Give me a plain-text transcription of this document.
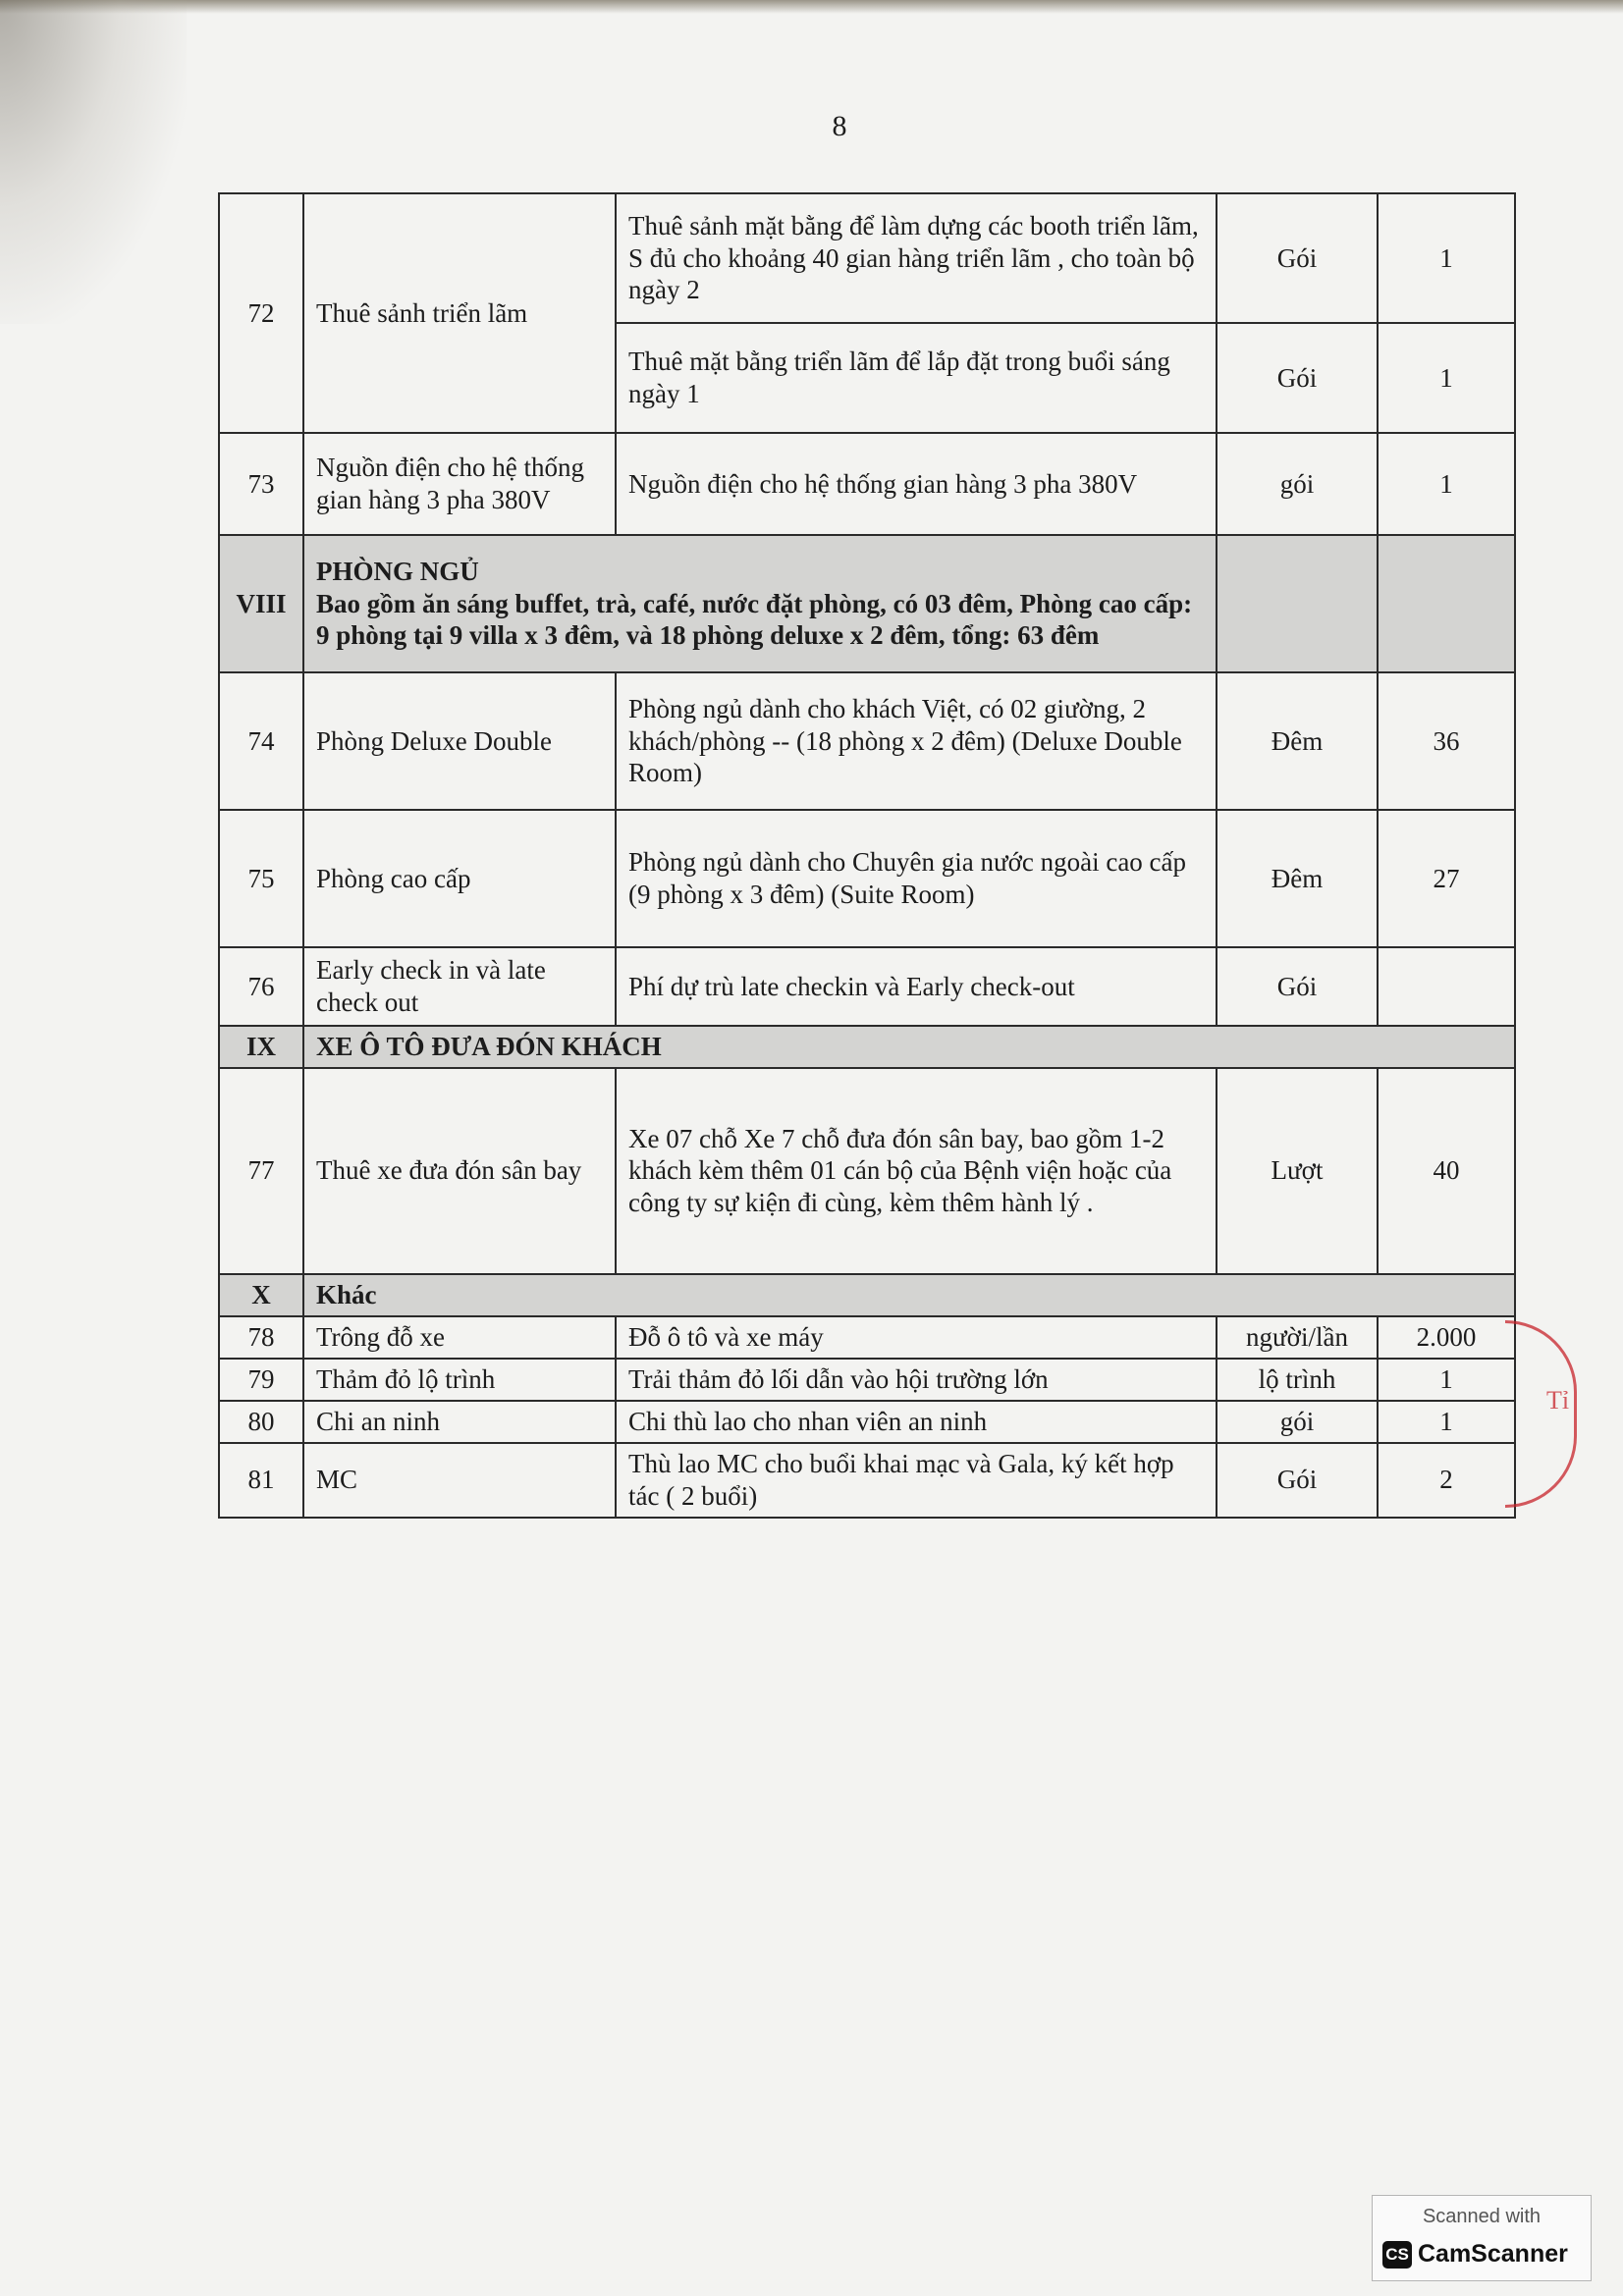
8
72	Thuê sảnh triển lãm	Thuê sảnh mặt bằng để làm dựng các booth triển lãm, S đủ cho khoảng 40 gian hàng triển lãm , cho toàn bộ ngày 2	Gói	1
		Thuê mặt bằng triển lãm để lắp đặt trong buổi sáng ngày 1	Gói	1
73	Nguồn điện cho hệ thống gian hàng 3 pha 380V	Nguồn điện cho hệ thống gian hàng 3 pha 380V	gói	1
VIII	PHÒNG NGỦ
Bao gồm ăn sáng buffet, trà, café, nước đặt phòng, có 03 đêm, Phòng cao cấp: 9 phòng tại 9 villa x 3 đêm, và 18 phòng deluxe x 2 đêm, tổng: 63 đêm			
74	Phòng Deluxe Double	Phòng ngủ dành cho khách Việt, có 02 giường, 2 khách/phòng -- (18 phòng x 2 đêm) (Deluxe Double Room)	Đêm	36
75	Phòng cao cấp	Phòng ngủ dành cho Chuyên gia nước ngoài cao cấp (9 phòng x 3 đêm) (Suite Room)	Đêm	27
76	Early check in và late check out	Phí dự trù late checkin và Early check-out	Gói	
IX	XE Ô TÔ ĐƯA ĐÓN KHÁCH			
77	Thuê xe đưa đón sân bay	Xe 07 chỗ Xe 7 chỗ đưa đón sân bay, bao gồm 1-2 khách kèm thêm 01 cán bộ của Bệnh viện hoặc của công ty sự kiện đi cùng, kèm thêm hành lý .	Lượt	40
X	Khác			
78	Trông đỗ xe	Đỗ ô tô và xe máy	người/lần	2.000
79	Thảm đỏ lộ trình	Trải thảm đỏ lối dẫn vào hội trường lớn	lộ trình	1
80	Chi an ninh	Chi thù lao cho nhan viên an ninh	gói	1
81	MC	Thù lao MC cho buổi khai mạc và Gala, ký kết hợp tác ( 2 buổi)	Gói	2
Tỉ
Scanned with
CS CamScanner
